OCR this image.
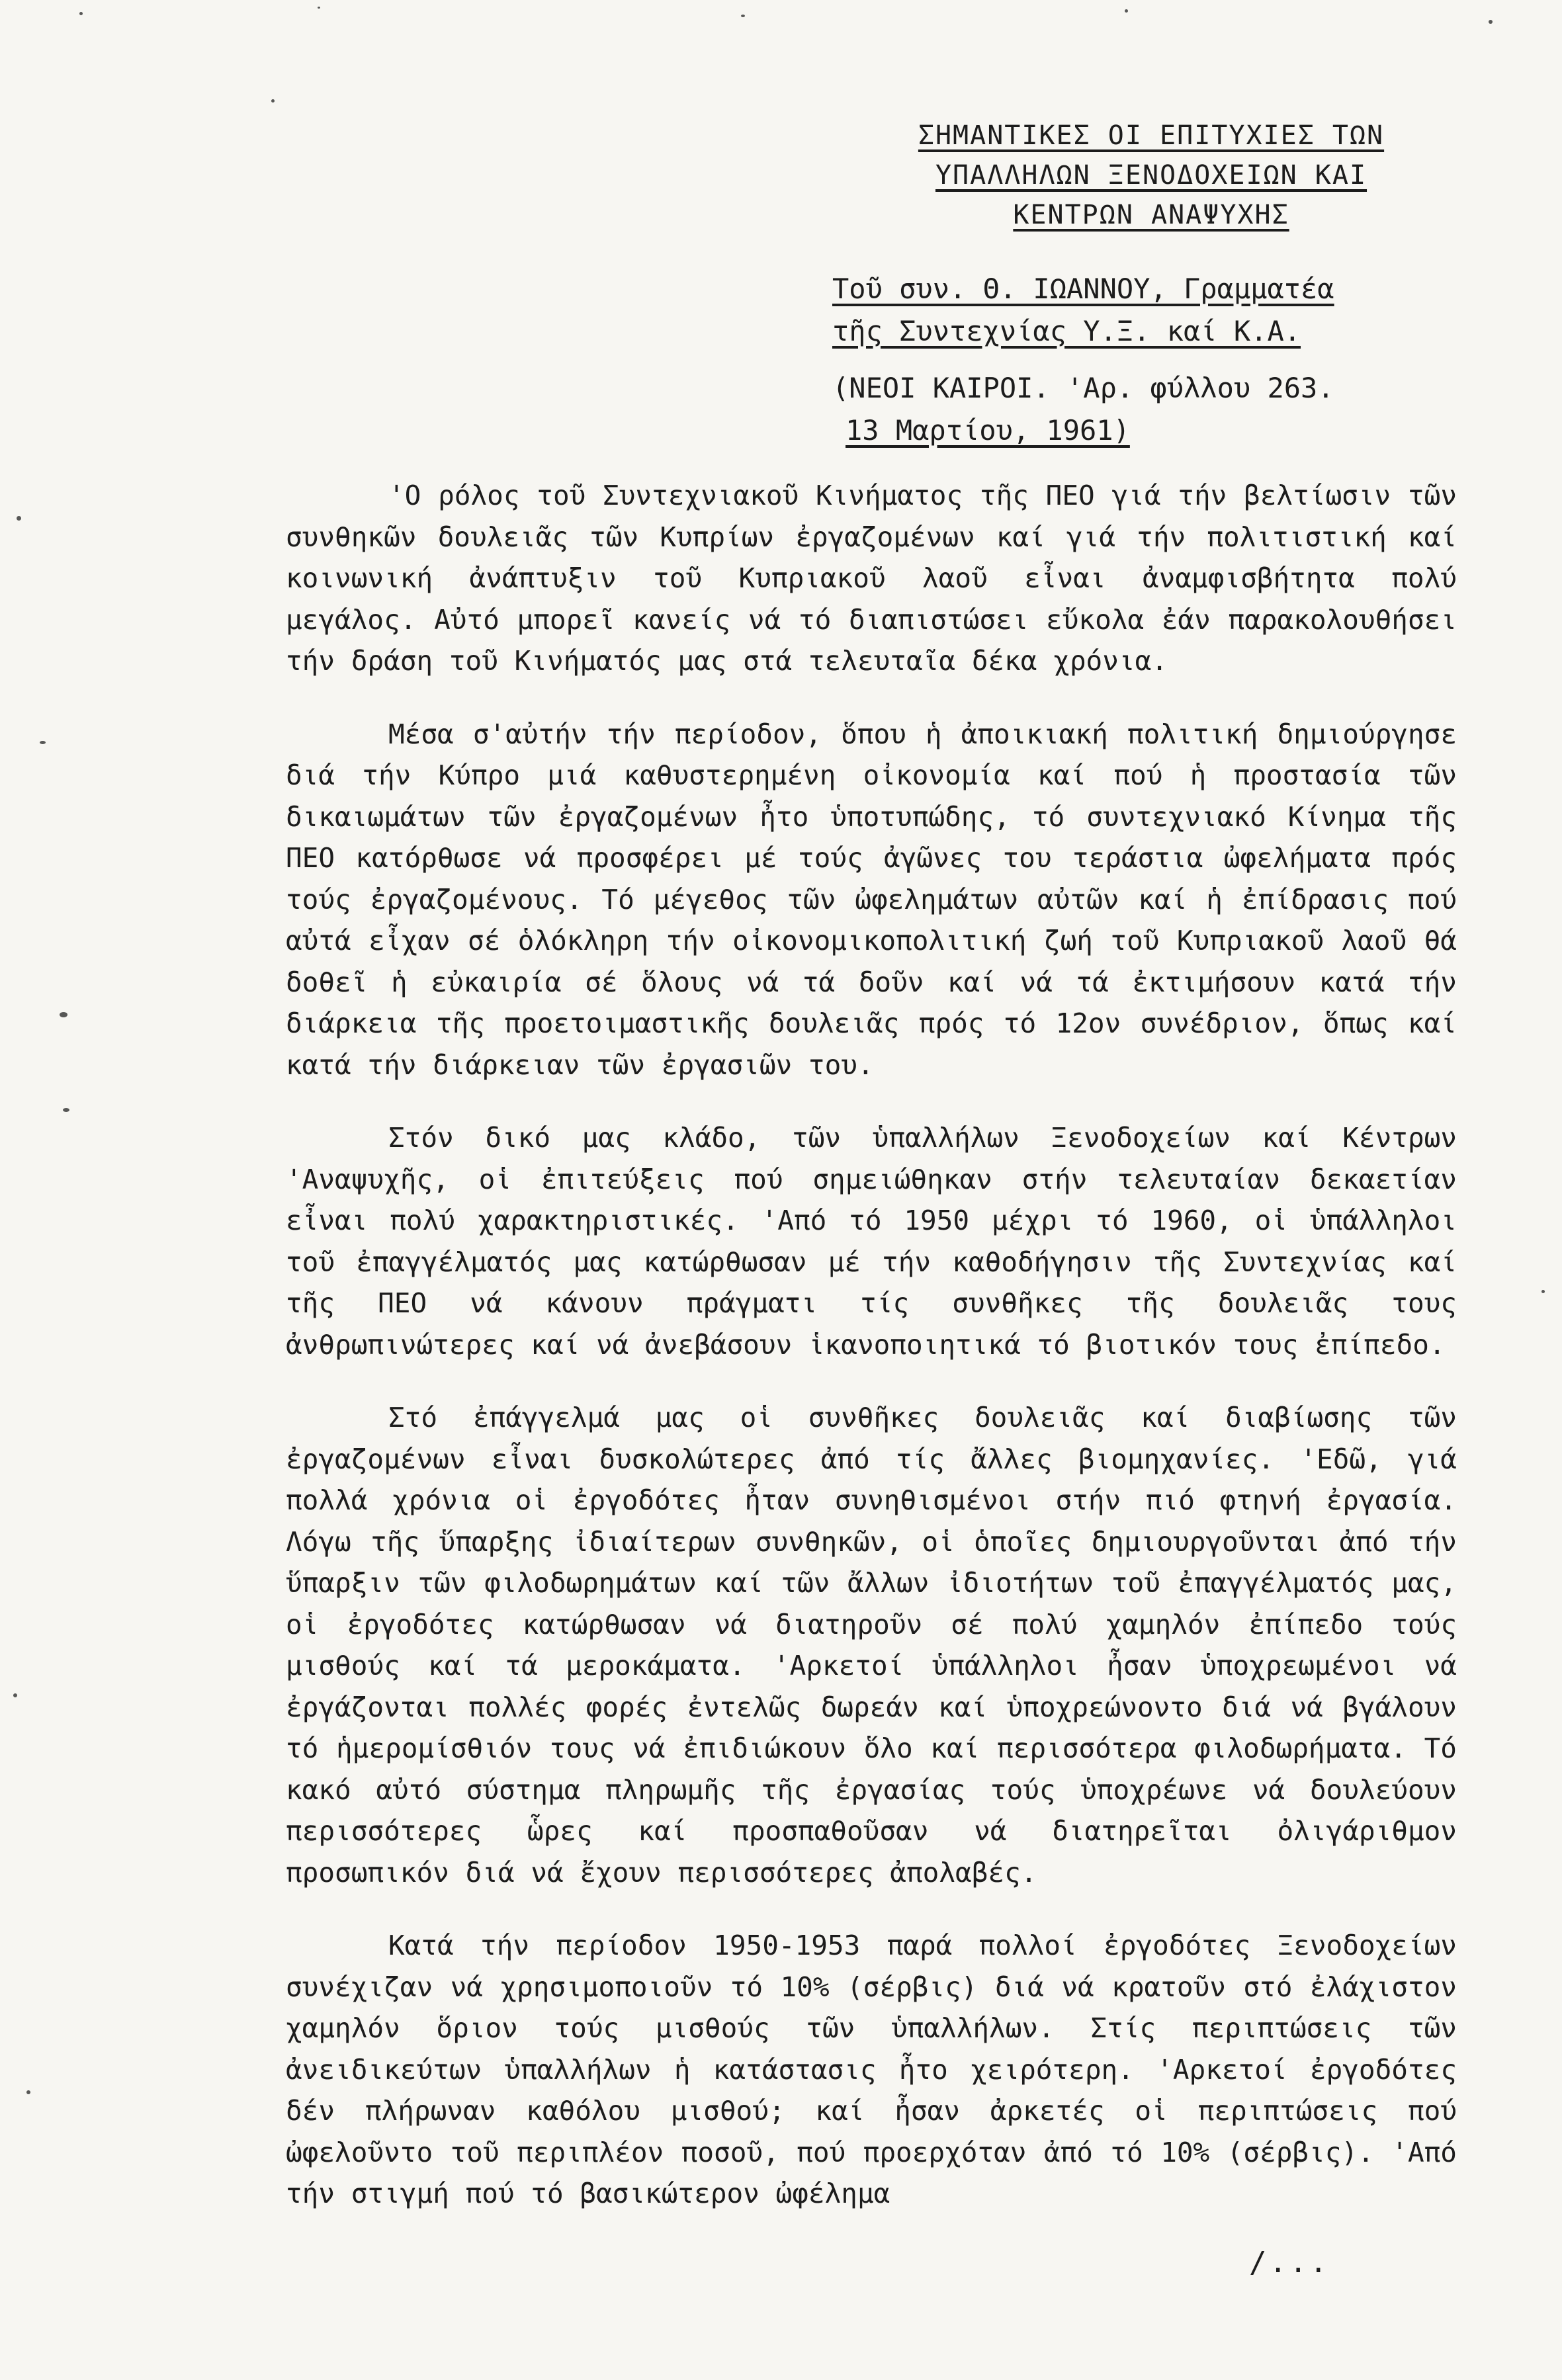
ΣΗΜΑΝΤΙΚΕΣ ΟΙ ΕΠΙΤΥΧΙΕΣ ΤΩΝ
ΥΠΑΛΛΗΛΩΝ ΞΕΝΟΔΟΧΕΙΩΝ ΚΑΙ
ΚΕΝΤΡΩΝ ΑΝΑΨΥΧΗΣ
Τοῦ συν. Θ. ΙΩΑΝΝΟΥ, Γραμματέα
τῆς Συντεχνίας Υ.Ξ. καί Κ.Α.
(ΝΕΟΙ ΚΑΙΡΟΙ. 'Αρ. φύλλου 263.
13 Μαρτίου, 1961)

'Ο ρόλος τοῦ Συντεχνιακοῦ Κινήματος τῆς ΠΕΟ γιά τήν βελτίωσιν τῶν συνθηκῶν δουλειᾶς τῶν Κυπρίων ἐργαζομένων καί γιά τήν πολιτιστική καί κοινωνική ἀνάπτυξιν τοῦ Κυπριακοῦ λαοῦ εἶναι ἀναμφισβήτητα πολύ μεγάλος. Αὐτό μπορεῖ κανείς νά τό διαπιστώσει εὔκολα ἐάν παρακολουθήσει τήν δράση τοῦ Κινήματός μας στά τελευταῖα δέκα χρόνια.

Μέσα σ'αὐτήν τήν περίοδον, ὅπου ἡ ἀποικιακή πολιτική δημιούργησε διά τήν Κύπρο μιά καθυστερημένη οἰκονομία καί πού ἡ προστασία τῶν δικαιωμάτων τῶν ἐργαζομένων ἦτο ὑποτυπώδης, τό συντεχνιακό Κίνημα τῆς ΠΕΟ κατόρθωσε νά προσφέρει μέ τούς ἀγῶνες του τεράστια ὠφελήματα πρός τούς ἐργαζομένους. Τό μέγεθος τῶν ὠφελημάτων αὐτῶν καί ἡ ἐπίδρασις πού αὐτά εἶχαν σέ ὁλόκληρη τήν οἰκονομικοπολιτική ζωή τοῦ Κυπριακοῦ λαοῦ θά δοθεῖ ἡ εὐκαιρία σέ ὅλους νά τά δοῦν καί νά τά ἐκτιμήσουν κατά τήν διάρκεια τῆς προετοιμαστικῆς δουλειᾶς πρός τό 12ον συνέδριον, ὅπως καί κατά τήν διάρκειαν τῶν ἐργασιῶν του.

Στόν δικό μας κλάδο, τῶν ὑπαλλήλων Ξενοδοχείων καί Κέντρων 'Αναψυχῆς, οἱ ἐπιτεύξεις πού σημειώθηκαν στήν τελευταίαν δεκαετίαν εἶναι πολύ χαρακτηριστικές. 'Από τό 1950 μέχρι τό 1960, οἱ ὑπάλληλοι τοῦ ἐπαγγέλματός μας κατώρθωσαν μέ τήν καθοδήγησιν τῆς Συντεχνίας καί τῆς ΠΕΟ νά κάνουν πράγματι τίς συνθῆκες τῆς δουλειᾶς τους ἀνθρωπινώτερες καί νά ἀνεβάσουν ἱκανοποιητικά τό βιοτικόν τους ἐπίπεδο.

Στό ἐπάγγελμά μας οἱ συνθῆκες δουλειᾶς καί διαβίωσης τῶν ἐργαζομένων εἶναι δυσκολώτερες ἀπό τίς ἄλλες βιομηχανίες. 'Εδῶ, γιά πολλά χρόνια οἱ ἐργοδότες ἦταν συνηθισμένοι στήν πιό φτηνή ἐργασία. Λόγω τῆς ὕπαρξης ἰδιαίτερων συνθηκῶν, οἱ ὁποῖες δημιουργοῦνται ἀπό τήν ὕπαρξιν τῶν φιλοδωρημάτων καί τῶν ἄλλων ἰδιοτήτων τοῦ ἐπαγγέλματός μας, οἱ ἐργοδότες κατώρθωσαν νά διατηροῦν σέ πολύ χαμηλόν ἐπίπεδο τούς μισθούς καί τά μεροκάματα. 'Αρκετοί ὑπάλληλοι ἦσαν ὑποχρεωμένοι νά ἐργάζονται πολλές φορές ἐντελῶς δωρεάν καί ὑποχρεώνοντο διά νά βγάλουν τό ἡμερομίσθιόν τους νά ἐπιδιώκουν ὅλο καί περισσότερα φιλοδωρήματα. Τό κακό αὐτό σύστημα πληρωμῆς τῆς ἐργασίας τούς ὑποχρέωνε νά δουλεύουν περισσότερες ὧρες καί προσπαθοῦσαν νά διατηρεῖται ὀλιγάριθμον προσωπικόν διά νά ἔχουν περισσότερες ἀπολαβές.

Κατά τήν περίοδον 1950-1953 παρά πολλοί ἐργοδότες Ξενοδοχείων συνέχιζαν νά χρησιμοποιοῦν τό 10% (σέρβις) διά νά κρατοῦν στό ἐλάχιστον χαμηλόν ὅριον τούς μισθούς τῶν ὑπαλλήλων. Στίς περιπτώσεις τῶν ἀνειδικεύτων ὑπαλλήλων ἡ κατάστασις ἦτο χειρότερη. 'Αρκετοί ἐργοδότες δέν πλήρωναν καθόλου μισθού; καί ἦσαν ἀρκετές οἱ περιπτώσεις πού ὠφελοῦντο τοῦ περιπλέον ποσοῦ, πού προερχόταν ἀπό τό 10% (σέρβις). 'Από τήν στιγμή πού τό βασικώτερον ὠφέλημα

/...
